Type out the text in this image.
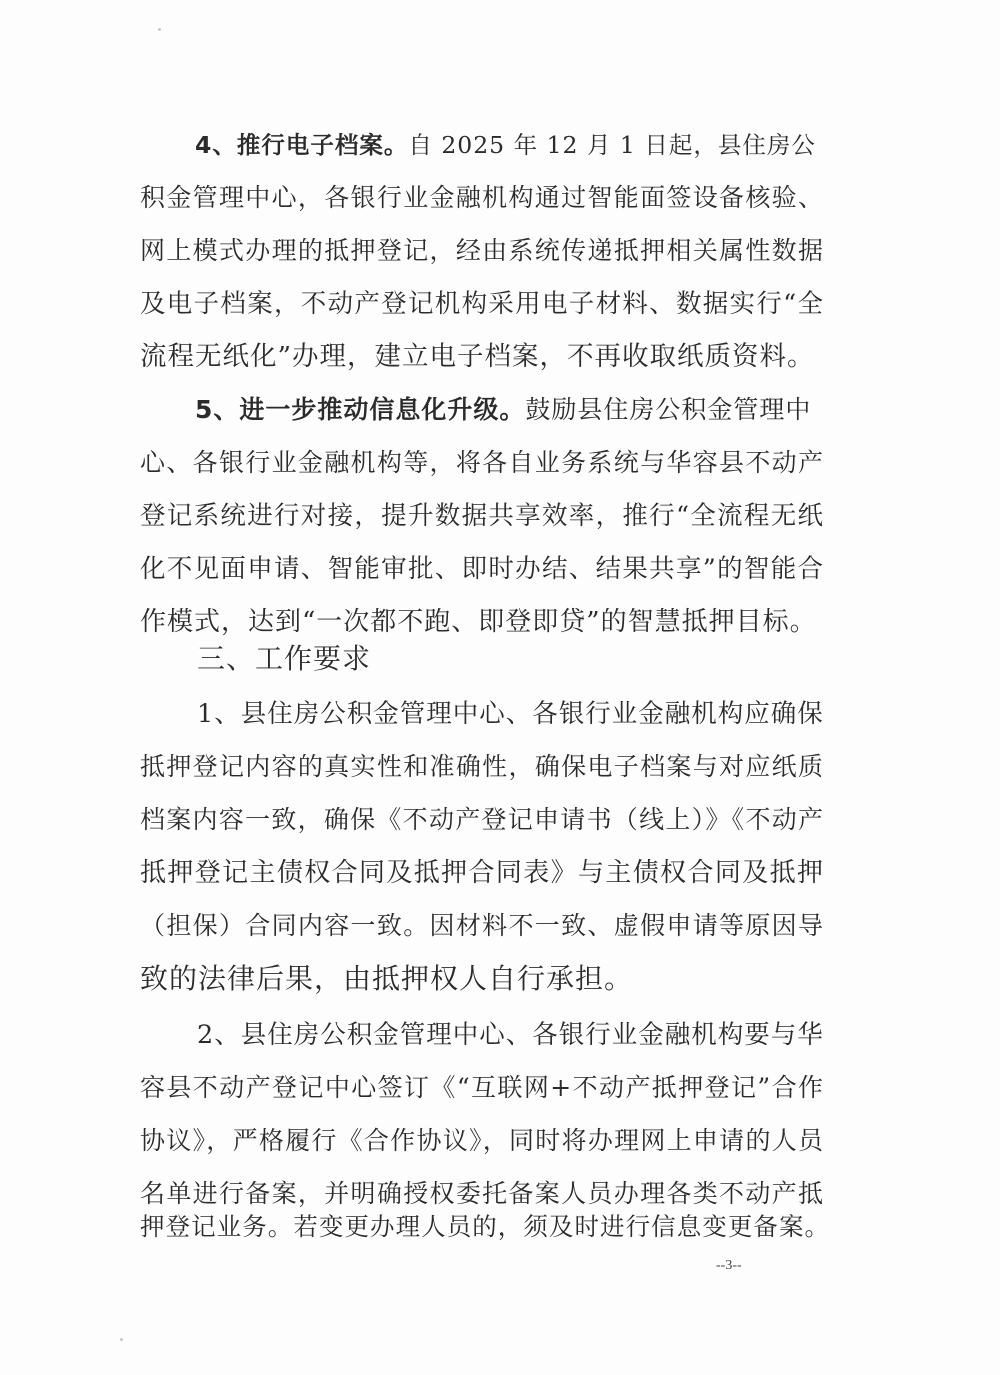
4、推行电子档案。自 2025 年 12 月 1 日起，县住房公
积金管理中心，各银行业金融机构通过智能面签设备核验、
网上模式办理的抵押登记，经由系统传递抵押相关属性数据
及电子档案，不动产登记机构采用电子材料、数据实行“全
流程无纸化”办理，建立电子档案，不再收取纸质资料。
5、进一步推动信息化升级。鼓励县住房公积金管理中
心、各银行业金融机构等，将各自业务系统与华容县不动产
登记系统进行对接，提升数据共享效率，推行“全流程无纸
化不见面申请、智能审批、即时办结、结果共享”的智能合
作模式，达到“一次都不跑、即登即贷”的智慧抵押目标。
三、工作要求
1、县住房公积金管理中心、各银行业金融机构应确保
抵押登记内容的真实性和准确性，确保电子档案与对应纸质
档案内容一致，确保《不动产登记申请书（线上）》《不动产
抵押登记主债权合同及抵押合同表》与主债权合同及抵押
（担保）合同内容一致。因材料不一致、虚假申请等原因导
致的法律后果，由抵押权人自行承担。
2、县住房公积金管理中心、各银行业金融机构要与华
容县不动产登记中心签订《“互联网+不动产抵押登记”合作
协议》，严格履行《合作协议》，同时将办理网上申请的人员
名单进行备案，并明确授权委托备案人员办理各类不动产抵
押登记业务。若变更办理人员的，须及时进行信息变更备案。
--3--
